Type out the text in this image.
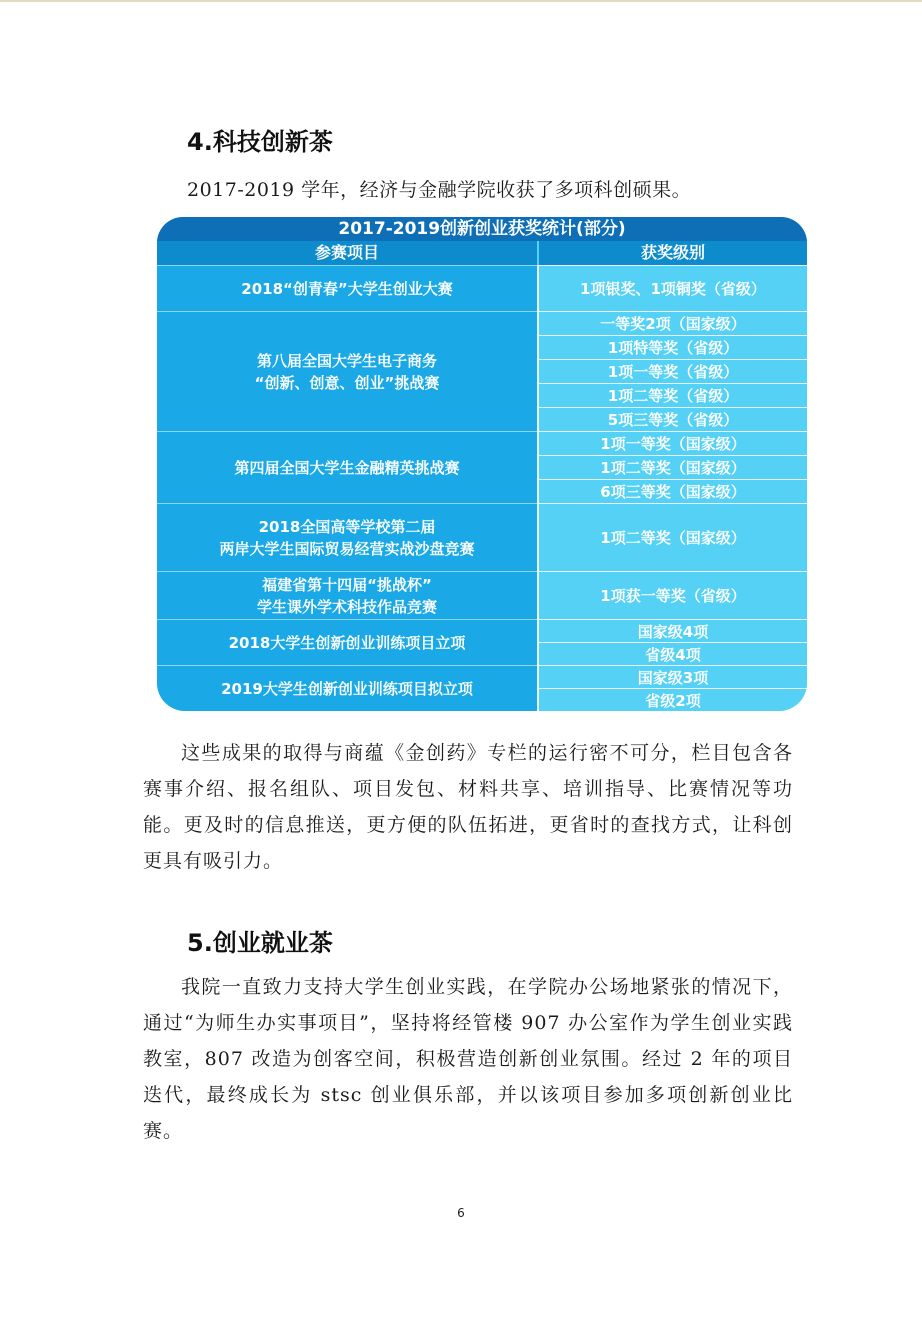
4.科技创新茶
2017-2019 学年，经济与金融学院收获了多项科创硕果。
2017-2019创新创业获奖统计(部分)
参赛项目	获奖级别
2018“创青春”大学生创业大赛	1项银奖、1项铜奖（省级）
第八届全国大学生电子商务
“创新、创意、创业”挑战赛
一等奖2项（国家级）
1项特等奖（省级）
1项一等奖（省级）
1项二等奖（省级）
5项三等奖（省级）
第四届全国大学生金融精英挑战赛
1项一等奖（国家级）
1项二等奖（国家级）
6项三等奖（国家级）
2018全国高等学校第二届
两岸大学生国际贸易经营实战沙盘竞赛
1项二等奖（国家级）
福建省第十四届“挑战杯”
学生课外学术科技作品竞赛
1项获一等奖（省级）
2018大学生创新创业训练项目立项
国家级4项
省级4项
2019大学生创新创业训练项目拟立项
国家级3项
省级2项

这些成果的取得与商蕴《金创药》专栏的运行密不可分，栏目包含各赛事介绍、报名组队、项目发包、材料共享、培训指导、比赛情况等功能。更及时的信息推送，更方便的队伍拓进，更省时的查找方式，让科创更具有吸引力。

5.创业就业茶

我院一直致力支持大学生创业实践，在学院办公场地紧张的情况下，通过“为师生办实事项目”，坚持将经管楼 907 办公室作为学生创业实践教室，807 改造为创客空间，积极营造创新创业氛围。经过 2 年的项目迭代，最终成长为 stsc 创业俱乐部，并以该项目参加多项创新创业比赛。

6
